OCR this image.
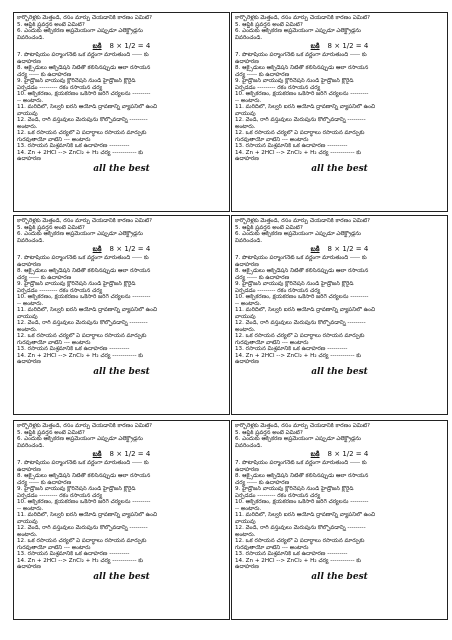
కార్బొరేళ్లకు మెత్తండి, రసం మార్పు చేయడానికి కారణం ఏమిటి?
5. ఆప్టిక్ ప్రవర్తన అంటే ఏమిటి?
6. ఎందుకు ఆక్సీకరణ అప్రమేయంగా ఎప్పుడూ ఎలెక్ట్రోడ్లను
వివరించండి.
బకి 8 × 1/2 = 4
7. పొటాషియం పర్మాంగనేట్ ఒక వర్ణంగా మారుతుంది ----- కు
ఉదాహరణ
8. ఆక్సైడులు ఆక్సిడేషన్ నీటితో కలిసినప్పుడు ఆలా రసాయన
చర్య ----- కు ఉదాహరణ
9. హైడ్రోజన్ వాయువు క్లోరినేషన్ నుండి హైడ్రోజన్ క్లోరైడ్
ఏర్పడడం --------- రకం రసాయన చర్య
10. ఆక్సీకరణం, క్షయకరణం ఒకేసారి జరిగే చర్యలను ---------
-- అంటారు.
11. మరిదిలో, సిల్వర్ ఐరన్ ఆయోడ్ ద్రావణాన్ని వ్యాపనిలో ఉంచి
వాయువు
12. వెండి, రాగి వస్తువులు మెరుపును కోల్పోవడాన్ని ---------
అంటారు.
12. ఒక రసాయన చర్యలో ఏ పదార్థాలు రసాయన మార్పుకు
గురవుతాయో వాటిని --- అంటారు
13. రసాయన మిశ్రమానికి ఒక ఉదాహరణ ----------
14. Zn + 2HCl --> ZnCl₂ + H₂ చర్య ------------ కు
ఉదాహరణ
all the best
కార్బొరేళ్లకు మెత్తండి, రసం మార్పు చేయడానికి కారణం ఏమిటి?
5. ఆప్టిక్ ప్రవర్తన అంటే ఏమిటి?
6. ఎందుకు ఆక్సీకరణ అప్రమేయంగా ఎప్పుడూ ఎలెక్ట్రోడ్లను
వివరించండి.
బకి 8 × 1/2 = 4
7. పొటాషియం పర్మాంగనేట్ ఒక వర్ణంగా మారుతుంది ----- కు
ఉదాహరణ
8. ఆక్సైడులు ఆక్సిడేషన్ నీటితో కలిసినప్పుడు ఆలా రసాయన
చర్య ----- కు ఉదాహరణ
9. హైడ్రోజన్ వాయువు క్లోరినేషన్ నుండి హైడ్రోజన్ క్లోరైడ్
ఏర్పడడం --------- రకం రసాయన చర్య
10. ఆక్సీకరణం, క్షయకరణం ఒకేసారి జరిగే చర్యలను ---------
-- అంటారు.
11. మరిదిలో, సిల్వర్ ఐరన్ ఆయోడ్ ద్రావణాన్ని వ్యాపనిలో ఉంచి
వాయువు
12. వెండి, రాగి వస్తువులు మెరుపును కోల్పోవడాన్ని ---------
అంటారు.
12. ఒక రసాయన చర్యలో ఏ పదార్థాలు రసాయన మార్పుకు
గురవుతాయో వాటిని --- అంటారు
13. రసాయన మిశ్రమానికి ఒక ఉదాహరణ ----------
14. Zn + 2HCl --> ZnCl₂ + H₂ చర్య ------------ కు
ఉదాహరణ
all the best
కార్బొరేళ్లకు మెత్తండి, రసం మార్పు చేయడానికి కారణం ఏమిటి?
5. ఆప్టిక్ ప్రవర్తన అంటే ఏమిటి?
6. ఎందుకు ఆక్సీకరణ అప్రమేయంగా ఎప్పుడూ ఎలెక్ట్రోడ్లను
వివరించండి.
బకి 8 × 1/2 = 4
7. పొటాషియం పర్మాంగనేట్ ఒక వర్ణంగా మారుతుంది ----- కు
ఉదాహరణ
8. ఆక్సైడులు ఆక్సిడేషన్ నీటితో కలిసినప్పుడు ఆలా రసాయన
చర్య ----- కు ఉదాహరణ
9. హైడ్రోజన్ వాయువు క్లోరినేషన్ నుండి హైడ్రోజన్ క్లోరైడ్
ఏర్పడడం --------- రకం రసాయన చర్య
10. ఆక్సీకరణం, క్షయకరణం ఒకేసారి జరిగే చర్యలను ---------
-- అంటారు.
11. మరిదిలో, సిల్వర్ ఐరన్ ఆయోడ్ ద్రావణాన్ని వ్యాపనిలో ఉంచి
వాయువు
12. వెండి, రాగి వస్తువులు మెరుపును కోల్పోవడాన్ని ---------
అంటారు.
12. ఒక రసాయన చర్యలో ఏ పదార్థాలు రసాయన మార్పుకు
గురవుతాయో వాటిని --- అంటారు
13. రసాయన మిశ్రమానికి ఒక ఉదాహరణ ----------
14. Zn + 2HCl --> ZnCl₂ + H₂ చర్య ------------ కు
ఉదాహరణ
all the best
కార్బొరేళ్లకు మెత్తండి, రసం మార్పు చేయడానికి కారణం ఏమిటి?
5. ఆప్టిక్ ప్రవర్తన అంటే ఏమిటి?
6. ఎందుకు ఆక్సీకరణ అప్రమేయంగా ఎప్పుడూ ఎలెక్ట్రోడ్లను
వివరించండి.
బకి 8 × 1/2 = 4
7. పొటాషియం పర్మాంగనేట్ ఒక వర్ణంగా మారుతుంది ----- కు
ఉదాహరణ
8. ఆక్సైడులు ఆక్సిడేషన్ నీటితో కలిసినప్పుడు ఆలా రసాయన
చర్య ----- కు ఉదాహరణ
9. హైడ్రోజన్ వాయువు క్లోరినేషన్ నుండి హైడ్రోజన్ క్లోరైడ్
ఏర్పడడం --------- రకం రసాయన చర్య
10. ఆక్సీకరణం, క్షయకరణం ఒకేసారి జరిగే చర్యలను ---------
-- అంటారు.
11. మరిదిలో, సిల్వర్ ఐరన్ ఆయోడ్ ద్రావణాన్ని వ్యాపనిలో ఉంచి
వాయువు
12. వెండి, రాగి వస్తువులు మెరుపును కోల్పోవడాన్ని ---------
అంటారు.
12. ఒక రసాయన చర్యలో ఏ పదార్థాలు రసాయన మార్పుకు
గురవుతాయో వాటిని --- అంటారు
13. రసాయన మిశ్రమానికి ఒక ఉదాహరణ ----------
14. Zn + 2HCl --> ZnCl₂ + H₂ చర్య ------------ కు
ఉదాహరణ
all the best
కార్బొరేళ్లకు మెత్తండి, రసం మార్పు చేయడానికి కారణం ఏమిటి?
5. ఆప్టిక్ ప్రవర్తన అంటే ఏమిటి?
6. ఎందుకు ఆక్సీకరణ అప్రమేయంగా ఎప్పుడూ ఎలెక్ట్రోడ్లను
వివరించండి.
బకి 8 × 1/2 = 4
7. పొటాషియం పర్మాంగనేట్ ఒక వర్ణంగా మారుతుంది ----- కు
ఉదాహరణ
8. ఆక్సైడులు ఆక్సిడేషన్ నీటితో కలిసినప్పుడు ఆలా రసాయన
చర్య ----- కు ఉదాహరణ
9. హైడ్రోజన్ వాయువు క్లోరినేషన్ నుండి హైడ్రోజన్ క్లోరైడ్
ఏర్పడడం --------- రకం రసాయన చర్య
10. ఆక్సీకరణం, క్షయకరణం ఒకేసారి జరిగే చర్యలను ---------
-- అంటారు.
11. మరిదిలో, సిల్వర్ ఐరన్ ఆయోడ్ ద్రావణాన్ని వ్యాపనిలో ఉంచి
వాయువు
12. వెండి, రాగి వస్తువులు మెరుపును కోల్పోవడాన్ని ---------
అంటారు.
12. ఒక రసాయన చర్యలో ఏ పదార్థాలు రసాయన మార్పుకు
గురవుతాయో వాటిని --- అంటారు
13. రసాయన మిశ్రమానికి ఒక ఉదాహరణ ----------
14. Zn + 2HCl --> ZnCl₂ + H₂ చర్య ------------ కు
ఉదాహరణ
all the best
కార్బొరేళ్లకు మెత్తండి, రసం మార్పు చేయడానికి కారణం ఏమిటి?
5. ఆప్టిక్ ప్రవర్తన అంటే ఏమిటి?
6. ఎందుకు ఆక్సీకరణ అప్రమేయంగా ఎప్పుడూ ఎలెక్ట్రోడ్లను
వివరించండి.
బకి 8 × 1/2 = 4
7. పొటాషియం పర్మాంగనేట్ ఒక వర్ణంగా మారుతుంది ----- కు
ఉదాహరణ
8. ఆక్సైడులు ఆక్సిడేషన్ నీటితో కలిసినప్పుడు ఆలా రసాయన
చర్య ----- కు ఉదాహరణ
9. హైడ్రోజన్ వాయువు క్లోరినేషన్ నుండి హైడ్రోజన్ క్లోరైడ్
ఏర్పడడం --------- రకం రసాయన చర్య
10. ఆక్సీకరణం, క్షయకరణం ఒకేసారి జరిగే చర్యలను ---------
-- అంటారు.
11. మరిదిలో, సిల్వర్ ఐరన్ ఆయోడ్ ద్రావణాన్ని వ్యాపనిలో ఉంచి
వాయువు
12. వెండి, రాగి వస్తువులు మెరుపును కోల్పోవడాన్ని ---------
అంటారు.
12. ఒక రసాయన చర్యలో ఏ పదార్థాలు రసాయన మార్పుకు
గురవుతాయో వాటిని --- అంటారు
13. రసాయన మిశ్రమానికి ఒక ఉదాహరణ ----------
14. Zn + 2HCl --> ZnCl₂ + H₂ చర్య ------------ కు
ఉదాహరణ
all the best
